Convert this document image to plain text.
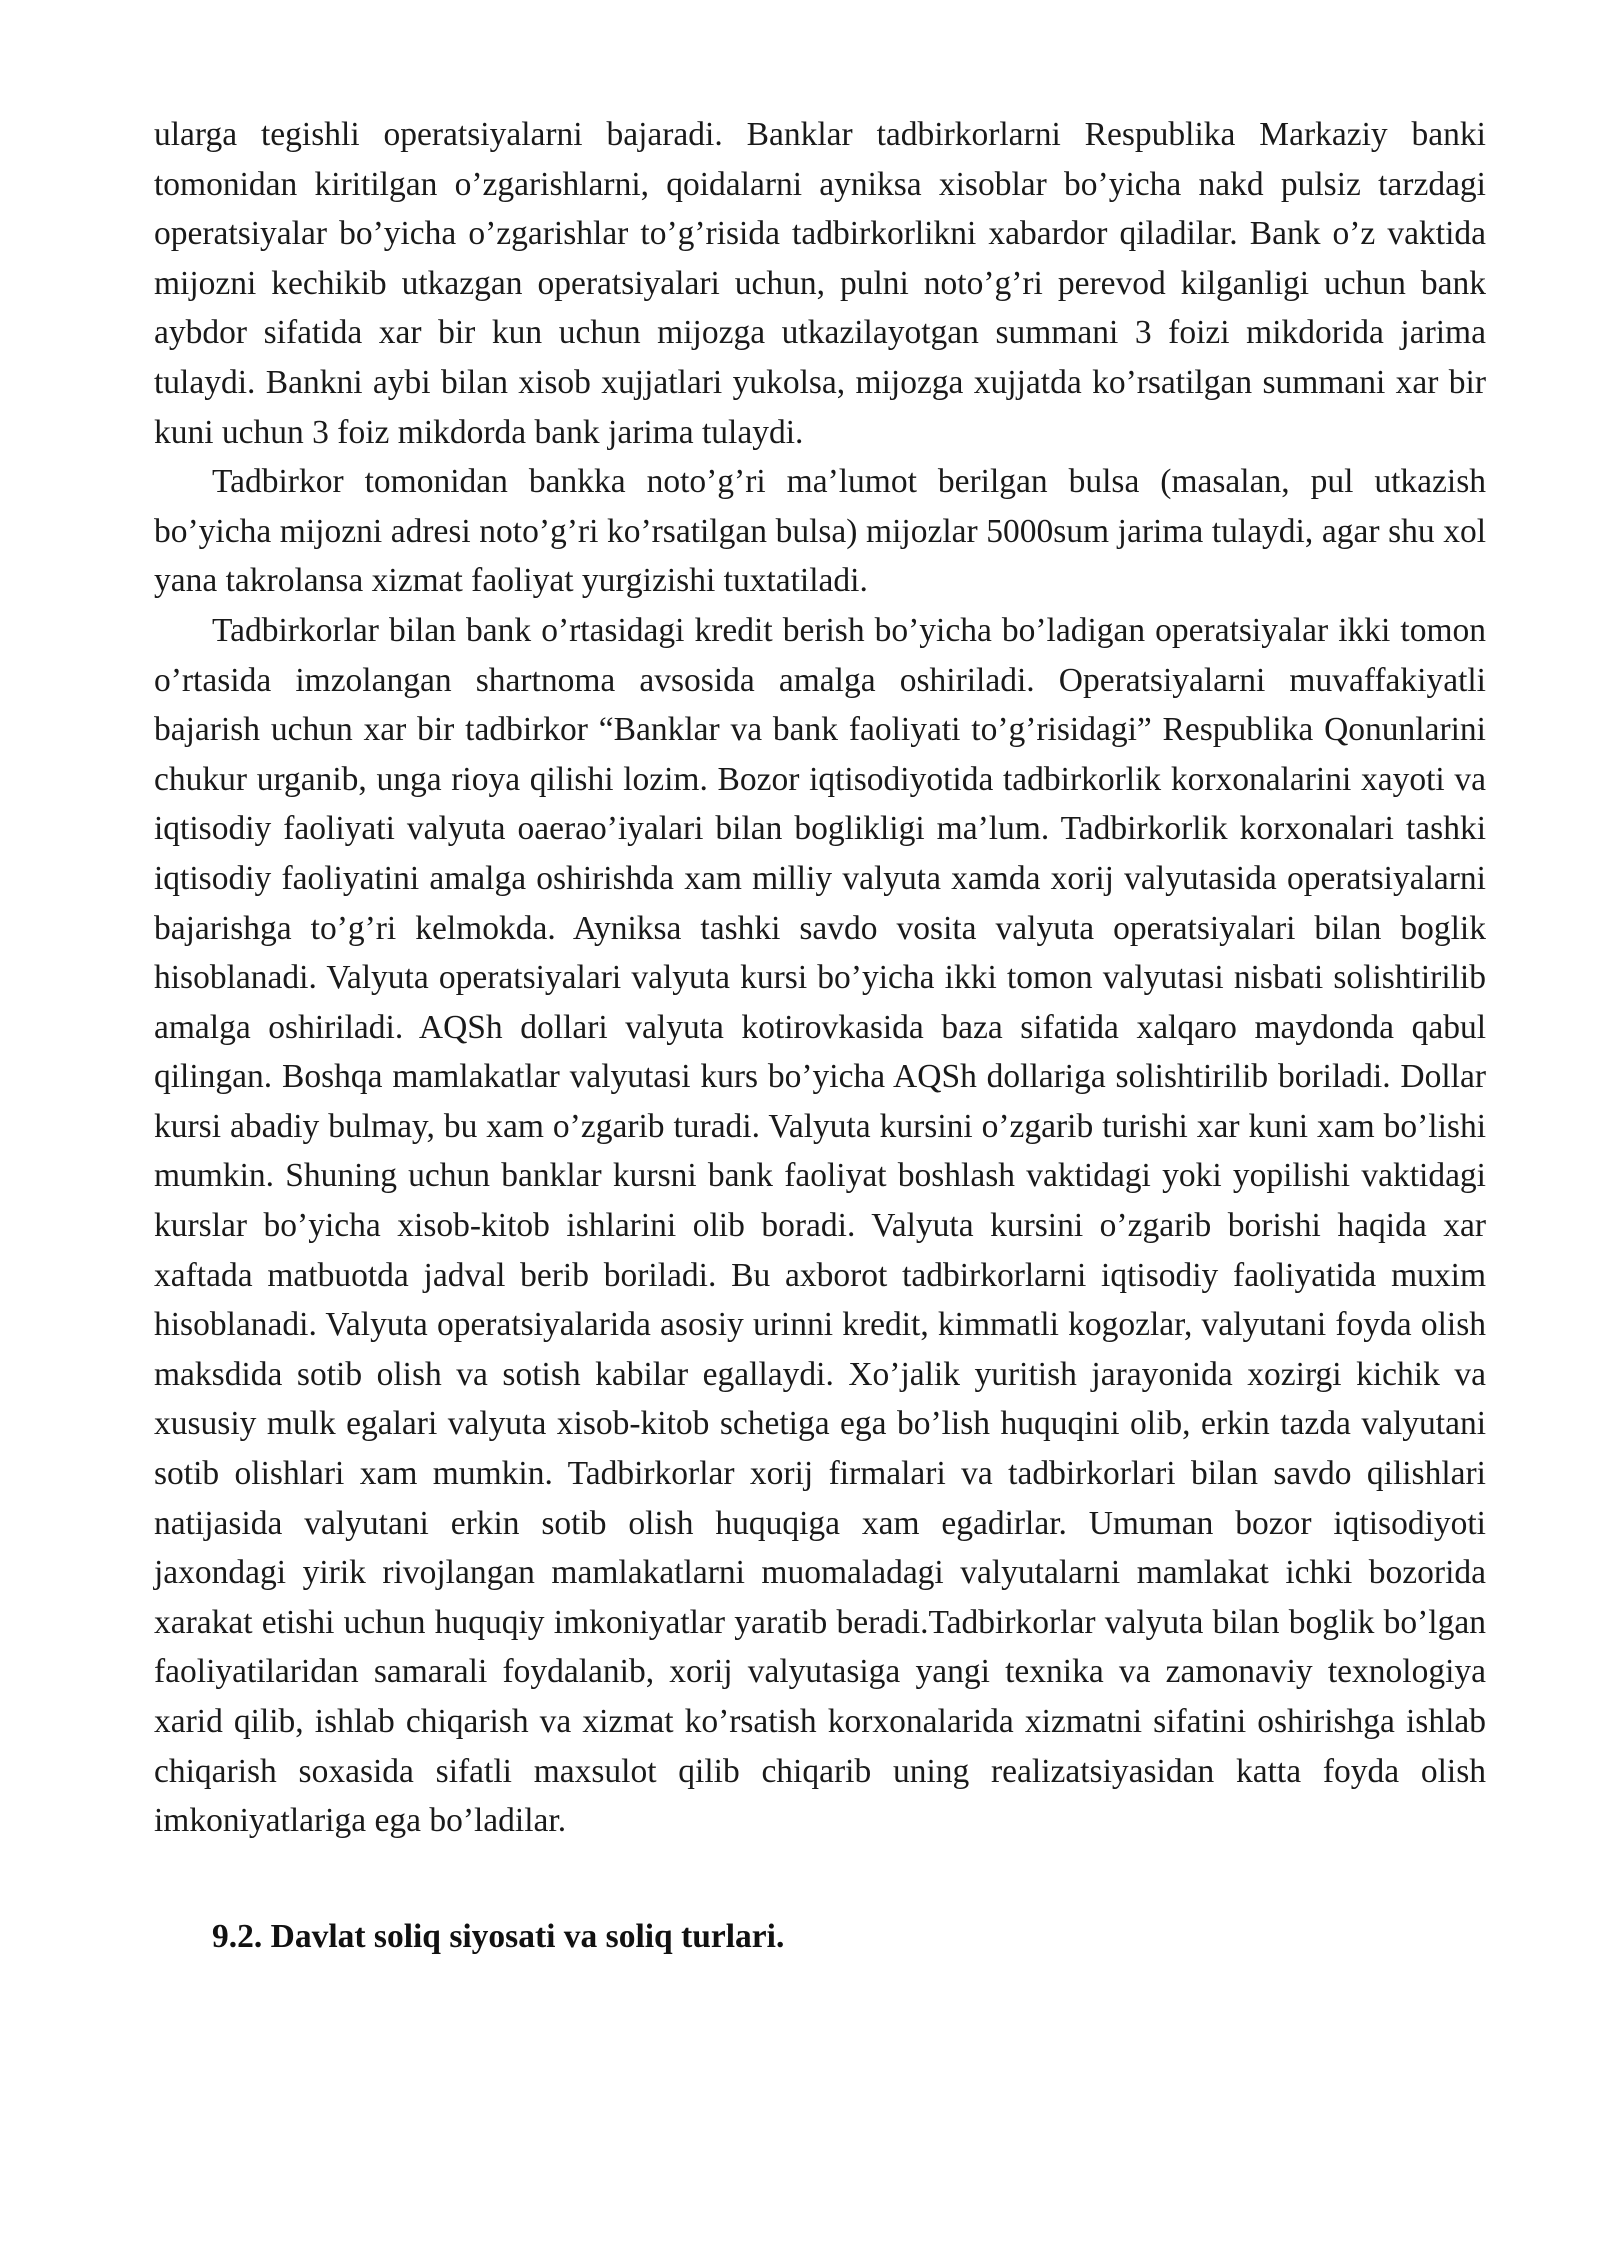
ularga tegishli operatsiyalarni bajaradi. Banklar tadbirkorlarni Respublika Markaziy banki tomonidan kiritilgan o’zgarishlarni, qoidalarni ayniksa xisoblar bo’yicha nakd pulsiz tarzdagi operatsiyalar bo’yicha o’zgarishlar to’g’risida tadbirkorlikni xabardor qiladilar. Bank o’z vaktida mijozni kechikib utkazgan operatsiyalari uchun, pulni noto’g’ri perevod kilganligi uchun bank aybdor sifatida xar bir kun uchun mijozga utkazilayotgan summani 3 foizi mikdorida jarima tulaydi. Bankni aybi bilan xisob xujjatlari yukolsa, mijozga xujjatda ko’rsatilgan summani xar bir kuni uchun 3 foiz mikdorda bank jarima tulaydi.

Tadbirkor tomonidan bankka noto’g’ri ma’lumot berilgan bulsa (masalan, pul utkazish bo’yicha mijozni adresi noto’g’ri ko’rsatilgan bulsa) mijozlar 5000sum jarima tulaydi, agar shu xol yana takrolansa xizmat faoliyat yurgizishi tuxtatiladi.

Tadbirkorlar bilan bank o’rtasidagi kredit berish bo’yicha bo’ladigan operatsiyalar ikki tomon o’rtasida imzolangan shartnoma avsosida amalga oshiriladi. Operatsiyalarni muvaffakiyatli bajarish uchun xar bir tadbirkor “Banklar va bank faoliyati to’g’risidagi” Respublika Qonunlarini chukur urganib, unga rioya qilishi lozim. Bozor iqtisodiyotida tadbirkorlik korxonalarini xayoti va iqtisodiy faoliyati valyuta oaerao’iyalari bilan boglikligi ma’lum. Tadbirkorlik korxonalari tashki iqtisodiy faoliyatini amalga oshirishda xam milliy valyuta xamda xorij valyutasida operatsiyalarni bajarishga to’g’ri kelmokda. Ayniksa tashki savdo vosita valyuta operatsiyalari bilan boglik hisoblanadi. Valyuta operatsiyalari valyuta kursi bo’yicha ikki tomon valyutasi nisbati solishtirilib amalga oshiriladi. AQSh dollari valyuta kotirovkasida baza sifatida xalqaro maydonda qabul qilingan. Boshqa mamlakatlar valyutasi kurs bo’yicha AQSh dollariga solishtirilib boriladi. Dollar kursi abadiy bulmay, bu xam o’zgarib turadi. Valyuta kursini o’zgarib turishi xar kuni xam bo’lishi mumkin. Shuning uchun banklar kursni bank faoliyat boshlash vaktidagi yoki yopilishi vaktidagi kurslar bo’yicha xisob-kitob ishlarini olib boradi. Valyuta kursini o’zgarib borishi haqida xar xaftada matbuotda jadval berib boriladi. Bu axborot tadbirkorlarni iqtisodiy faoliyatida muxim hisoblanadi. Valyuta operatsiyalarida asosiy urinni kredit, kimmatli kogozlar, valyutani foyda olish maksdida sotib olish va sotish kabilar egallaydi. Xo’jalik yuritish jarayonida xozirgi kichik va xususiy mulk egalari valyuta xisob-kitob schetiga ega bo’lish huquqini olib, erkin tazda valyutani sotib olishlari xam mumkin. Tadbirkorlar xorij firmalari va tadbirkorlari bilan savdo qilishlari natijasida valyutani erkin sotib olish huquqiga xam egadirlar. Umuman bozor iqtisodiyoti jaxondagi yirik rivojlangan mamlakatlarni muomaladagi valyutalarni mamlakat ichki bozorida xarakat etishi uchun huquqiy imkoniyatlar yaratib beradi.Tadbirkorlar valyuta bilan boglik bo’lgan faoliyatilaridan samarali foydalanib, xorij valyutasiga yangi texnika va zamonaviy texnologiya xarid qilib, ishlab chiqarish va xizmat ko’rsatish korxonalarida xizmatni sifatini oshirishga ishlab chiqarish soxasida sifatli maxsulot qilib chiqarib uning realizatsiyasidan katta foyda olish imkoniyatlariga ega bo’ladilar.

9.2. Davlat soliq siyosati va soliq turlari.
